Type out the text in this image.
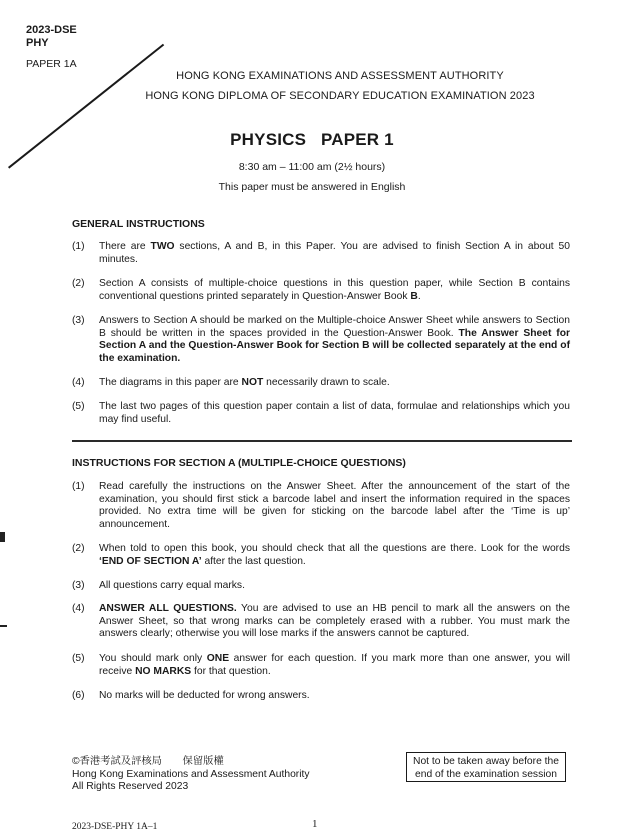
2023-DSE
PHY
PAPER 1A
HONG KONG EXAMINATIONS AND ASSESSMENT AUTHORITY
HONG KONG DIPLOMA OF SECONDARY EDUCATION EXAMINATION 2023
PHYSICS   PAPER 1
8:30 am – 11:00 am (2½ hours)
This paper must be answered in English
GENERAL INSTRUCTIONS
(1)	There are TWO sections, A and B, in this Paper. You are advised to finish Section A in about 50 minutes.
(2)	Section A consists of multiple-choice questions in this question paper, while Section B contains conventional questions printed separately in Question-Answer Book B.
(3)	Answers to Section A should be marked on the Multiple-choice Answer Sheet while answers to Section B should be written in the spaces provided in the Question-Answer Book. The Answer Sheet for Section A and the Question-Answer Book for Section B will be collected separately at the end of the examination.
(4)	The diagrams in this paper are NOT necessarily drawn to scale.
(5)	The last two pages of this question paper contain a list of data, formulae and relationships which you may find useful.
INSTRUCTIONS FOR SECTION A (MULTIPLE-CHOICE QUESTIONS)
(1)	Read carefully the instructions on the Answer Sheet. After the announcement of the start of the examination, you should first stick a barcode label and insert the information required in the spaces provided. No extra time will be given for sticking on the barcode label after the ‘Time is up’ announcement.
(2)	When told to open this book, you should check that all the questions are there. Look for the words ‘END OF SECTION A’ after the last question.
(3)	All questions carry equal marks.
(4)	ANSWER ALL QUESTIONS. You are advised to use an HB pencil to mark all the answers on the Answer Sheet, so that wrong marks can be completely erased with a rubber. You must mark the answers clearly; otherwise you will lose marks if the answers cannot be captured.
(5)	You should mark only ONE answer for each question. If you mark more than one answer, you will receive NO MARKS for that question.
(6)	No marks will be deducted for wrong answers.
©香港考試及評核局　　保留版權
Hong Kong Examinations and Assessment Authority
All Rights Reserved 2023
Not to be taken away before the
end of the examination session
2023-DSE-PHY 1A–1	1
